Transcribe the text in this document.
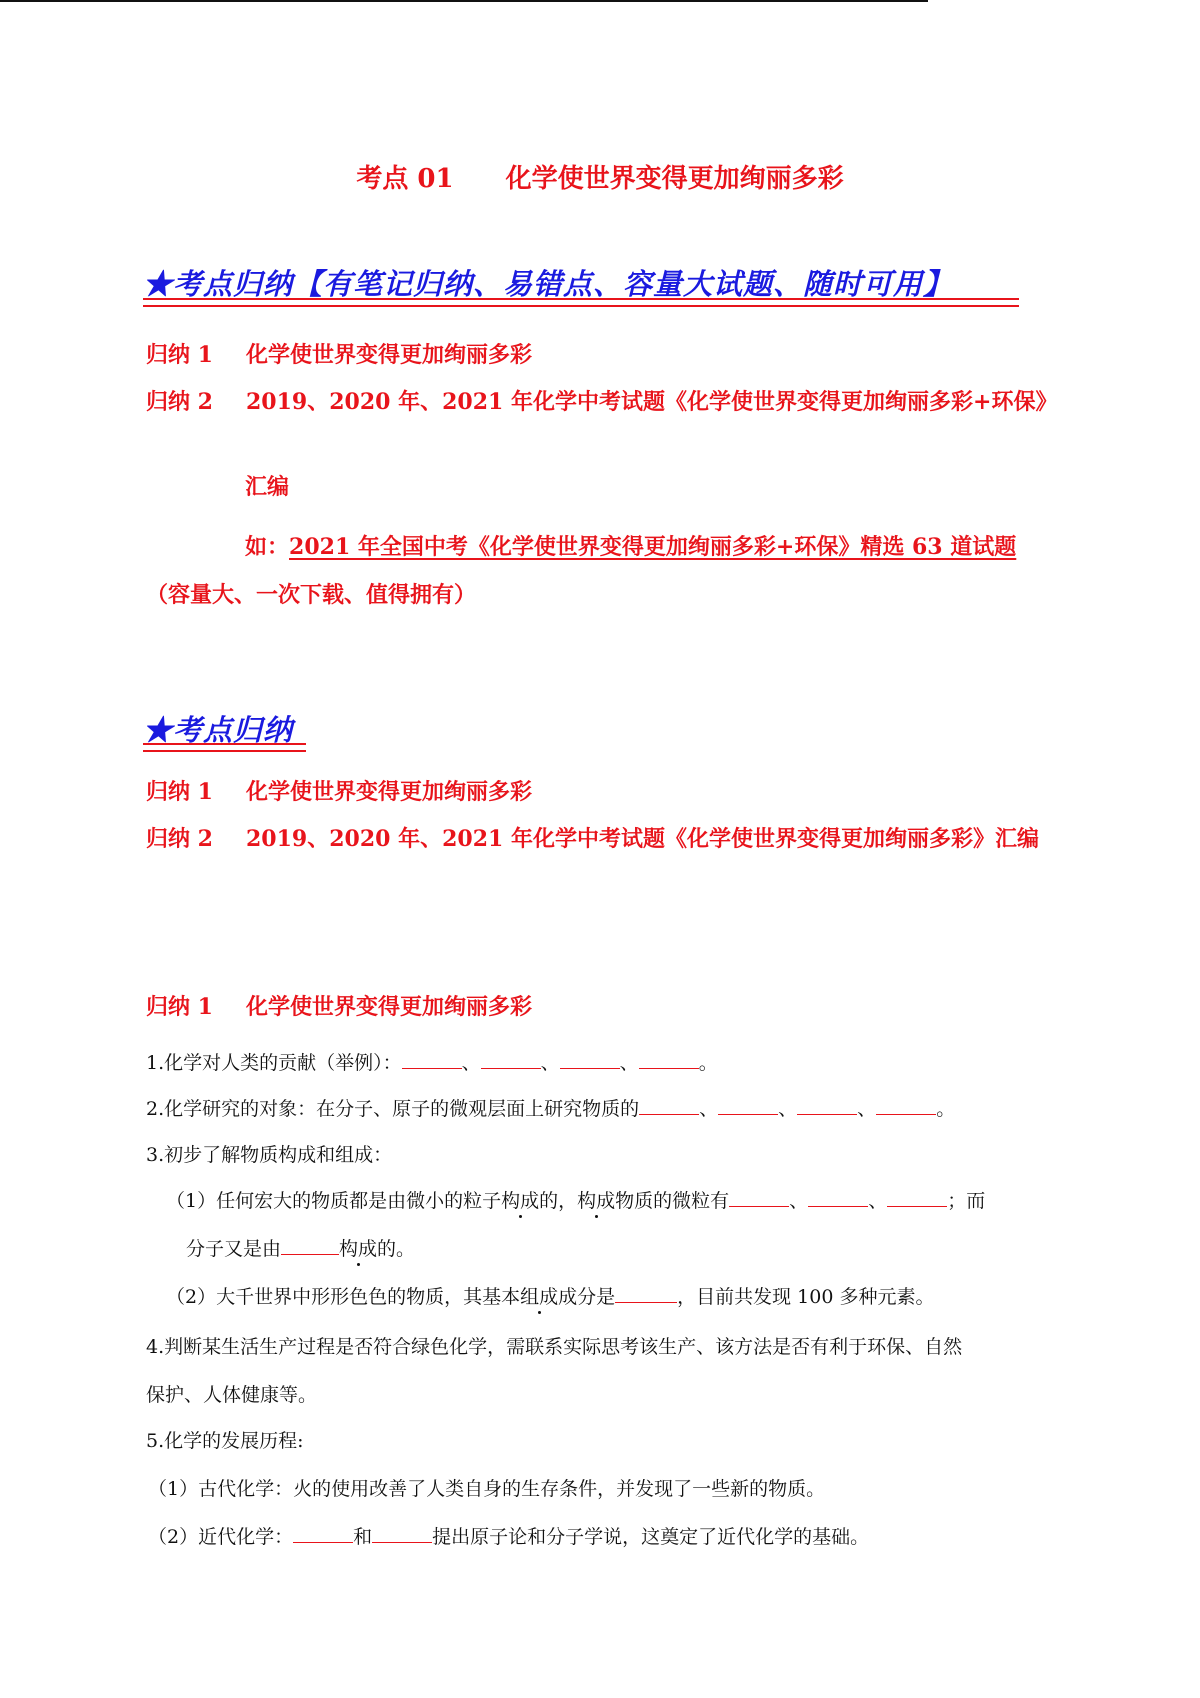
考点 01 化学使世界变得更加绚丽多彩
★考点归纳【有笔记归纳、易错点、容量大试题、随时可用】
归纳 1 化学使世界变得更加绚丽多彩
归纳 2 2019、2020 年、2021 年化学中考试题《化学使世界变得更加绚丽多彩+环保》
汇编
如：2021 年全国中考《化学使世界变得更加绚丽多彩+环保》精选 63 道试题
（容量大、一次下载、值得拥有）
★考点归纳
归纳 1 化学使世界变得更加绚丽多彩
归纳 2 2019、2020 年、2021 年化学中考试题《化学使世界变得更加绚丽多彩》汇编
归纳 1 化学使世界变得更加绚丽多彩
1.化学对人类的贡献（举例）：	、	、	、	。
2.化学研究的对象：在分子、原子的微观层面上研究物质的	、	、	、	。
3.初步了解物质构成和组成：
（1）任何宏大的物质都是由微小的粒子构成的，构成物质的微粒有	、	、	；而
分子又是由	构成的。
（2）大千世界中形形色色的物质，其基本组成成分是	，目前共发现 100 多种元素。
4.判断某生活生产过程是否符合绿色化学，需联系实际思考该生产、该方法是否有利于环保、自然
保护、人体健康等。
5.化学的发展历程:
（1）古代化学：火的使用改善了人类自身的生存条件，并发现了一些新的物质。
（2）近代化学：	和	提出原子论和分子学说，这奠定了近代化学的基础。
